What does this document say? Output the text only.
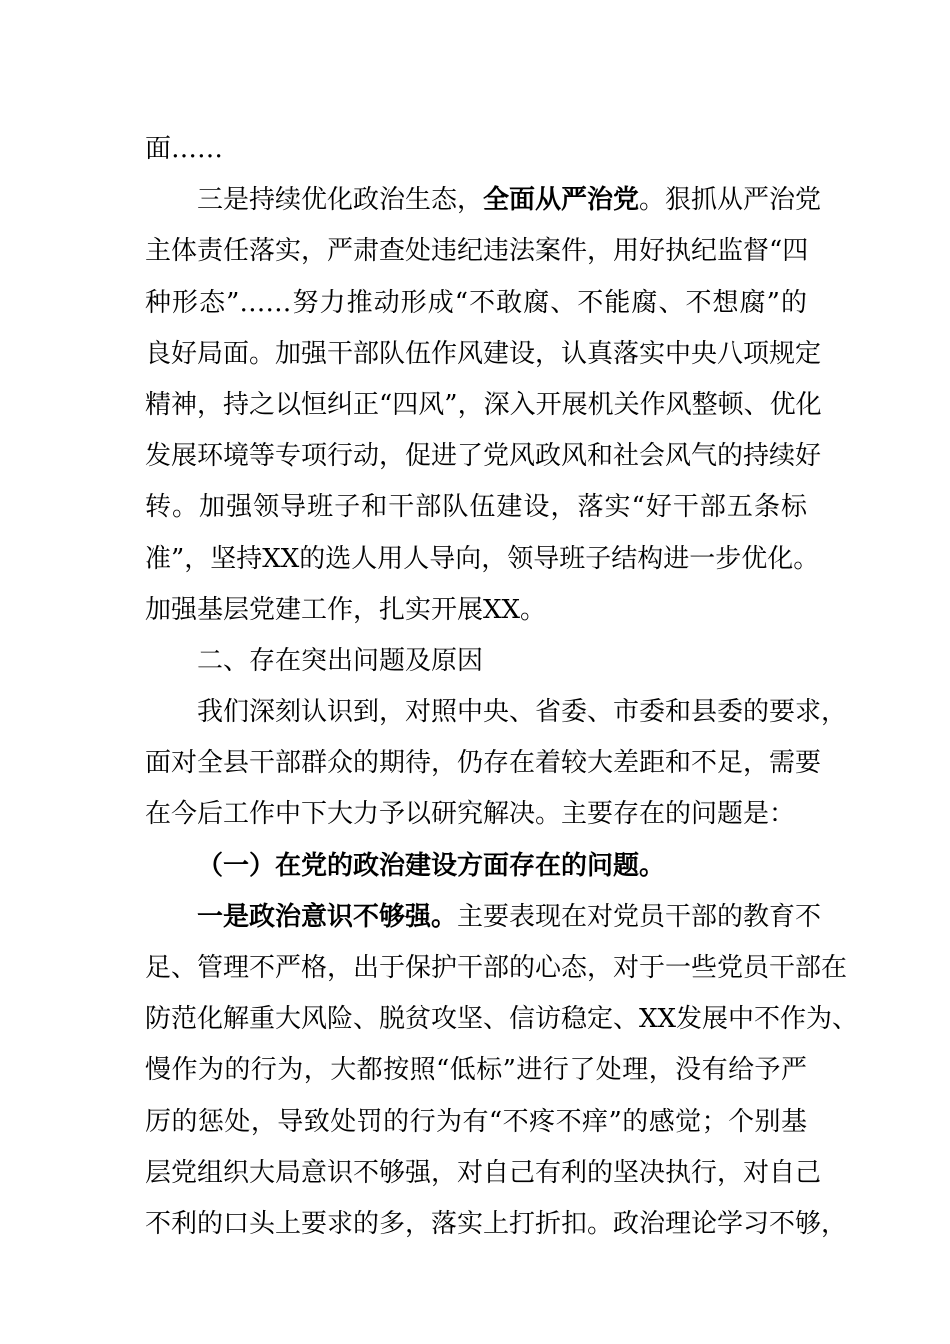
面……
三是持续优化政治生态，全面从严治党。狠抓从严治党
主体责任落实，严肃查处违纪违法案件，用好执纪监督“四
种形态”……努力推动形成“不敢腐、不能腐、不想腐”的
良好局面。加强干部队伍作风建设，认真落实中央八项规定
精神，持之以恒纠正“四风”，深入开展机关作风整顿、优化
发展环境等专项行动，促进了党风政风和社会风气的持续好
转。加强领导班子和干部队伍建设，落实“好干部五条标
准”，坚持XX的选人用人导向，领导班子结构进一步优化。
加强基层党建工作，扎实开展XX。
二、存在突出问题及原因
我们深刻认识到，对照中央、省委、市委和县委的要求，
面对全县干部群众的期待，仍存在着较大差距和不足，需要
在今后工作中下大力予以研究解决。主要存在的问题是：
（一）在党的政治建设方面存在的问题。
一是政治意识不够强。主要表现在对党员干部的教育不
足、管理不严格，出于保护干部的心态，对于一些党员干部在
防范化解重大风险、脱贫攻坚、信访稳定、XX发展中不作为、
慢作为的行为，大都按照“低标”进行了处理，没有给予严
厉的惩处，导致处罚的行为有“不疼不痒”的感觉；个别基
层党组织大局意识不够强，对自己有利的坚决执行，对自己
不利的口头上要求的多，落实上打折扣。政治理论学习不够，
